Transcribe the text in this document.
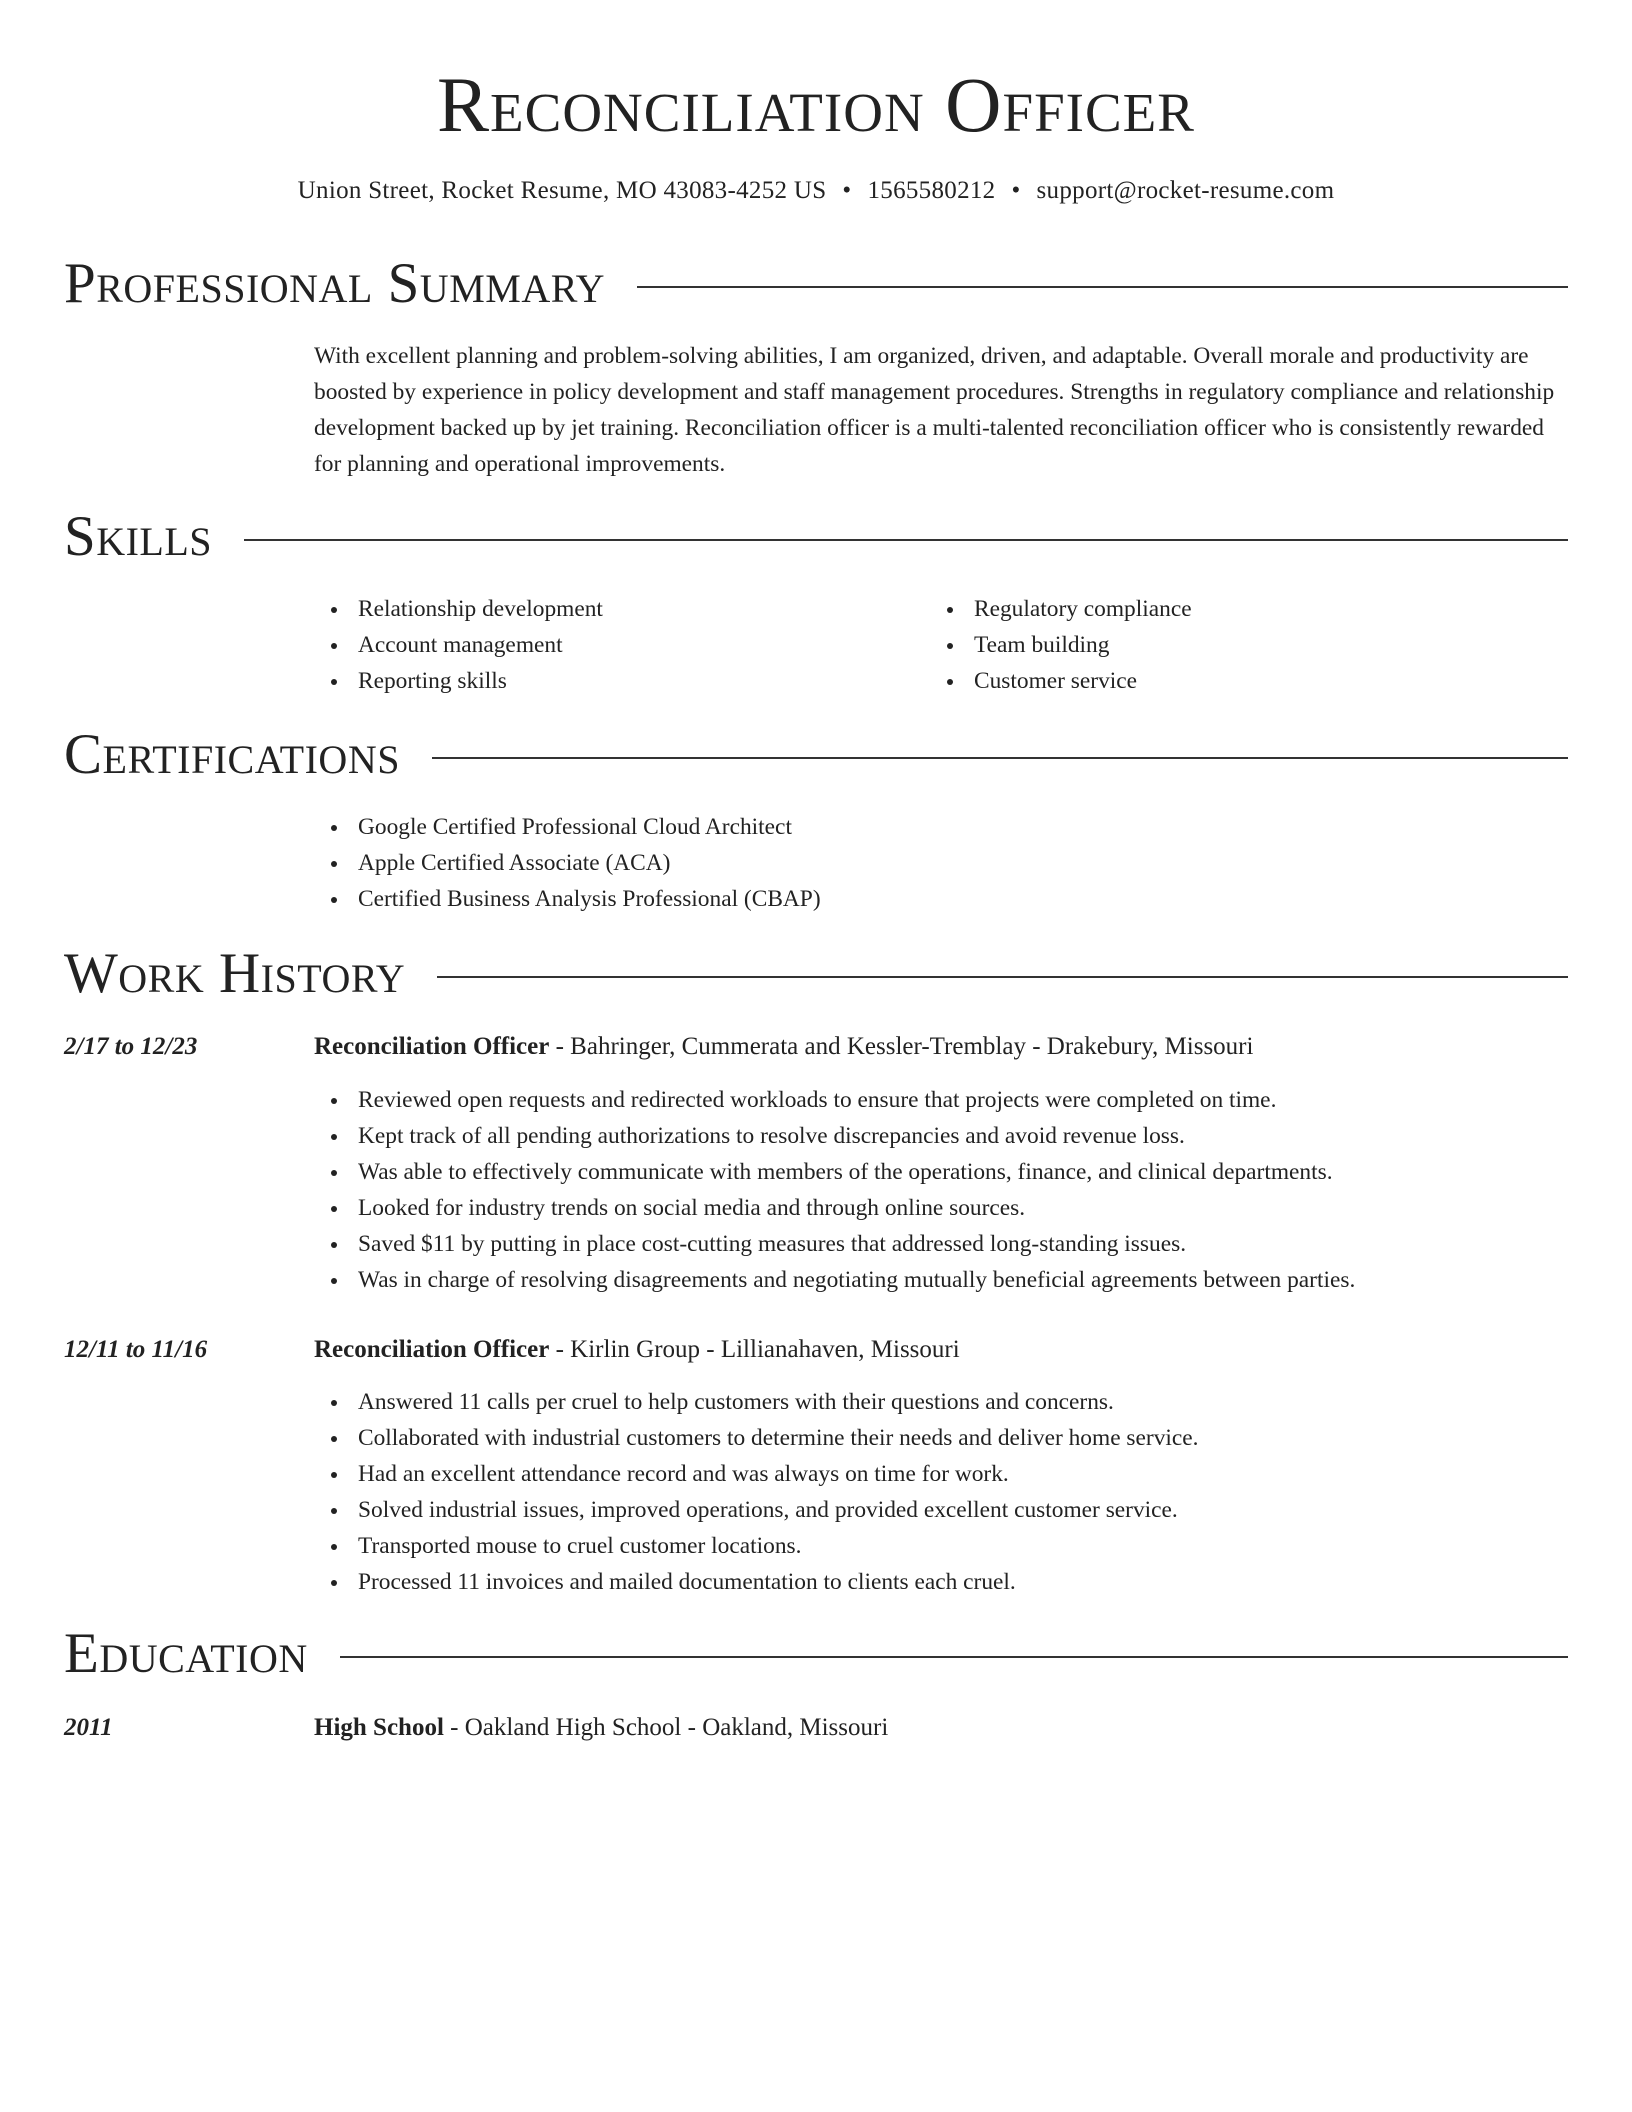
Reconciliation Officer
Union Street, Rocket Resume, MO 43083-4252 US • 1565580212 • support@rocket-resume.com
Professional Summary

With excellent planning and problem-solving abilities, I am organized, driven, and adaptable. Overall morale and productivity are boosted by experience in policy development and staff management procedures. Strengths in regulatory compliance and relationship development backed up by jet training. Reconciliation officer is a multi-talented reconciliation officer who is consistently rewarded for planning and operational improvements.

Skills
Relationship development
Account management
Reporting skills
Regulatory compliance
Team building
Customer service
Certifications
Google Certified Professional Cloud Architect
Apple Certified Associate (ACA)
Certified Business Analysis Professional (CBAP)
Work History
2/17 to 12/23	Reconciliation Officer - Bahringer, Cummerata and Kessler-Tremblay - Drakebury, Missouri
Reviewed open requests and redirected workloads to ensure that projects were completed on time.
Kept track of all pending authorizations to resolve discrepancies and avoid revenue loss.
Was able to effectively communicate with members of the operations, finance, and clinical departments.
Looked for industry trends on social media and through online sources.
Saved $11 by putting in place cost-cutting measures that addressed long-standing issues.
Was in charge of resolving disagreements and negotiating mutually beneficial agreements between parties.
12/11 to 11/16	Reconciliation Officer - Kirlin Group - Lillianahaven, Missouri
Answered 11 calls per cruel to help customers with their questions and concerns.
Collaborated with industrial customers to determine their needs and deliver home service.
Had an excellent attendance record and was always on time for work.
Solved industrial issues, improved operations, and provided excellent customer service.
Transported mouse to cruel customer locations.
Processed 11 invoices and mailed documentation to clients each cruel.
Education
2011	High School - Oakland High School - Oakland, Missouri
